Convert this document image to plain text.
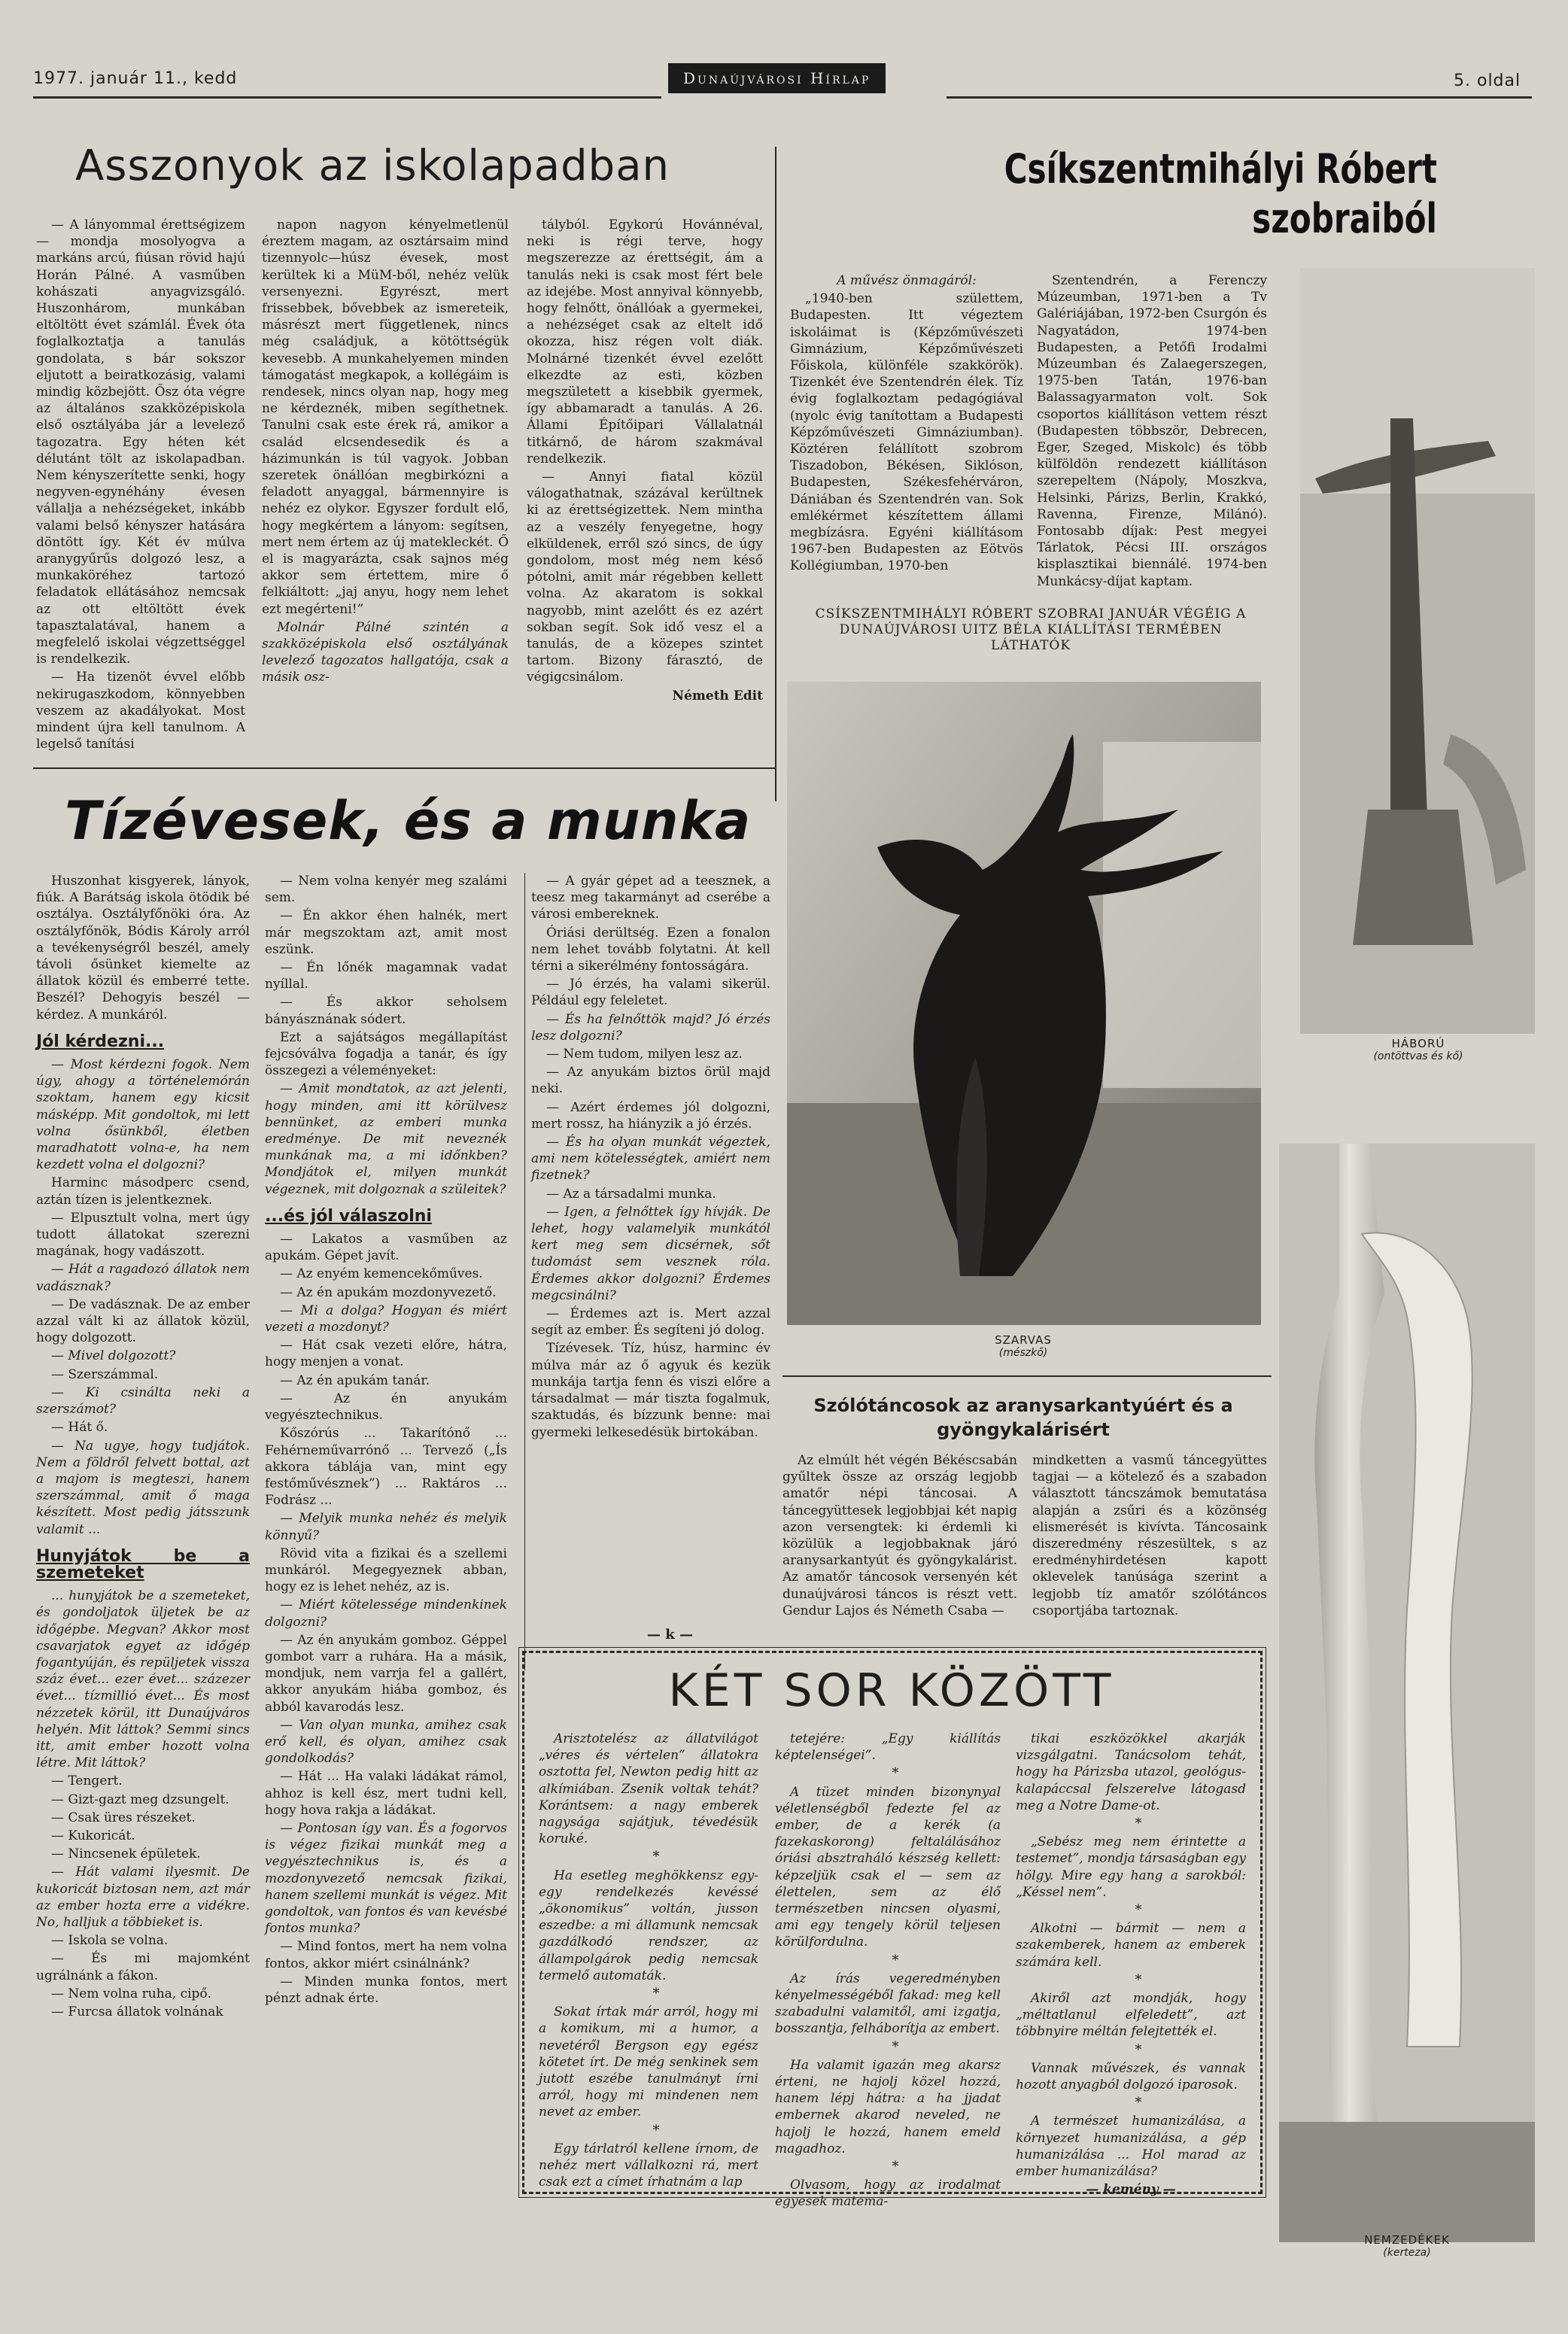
1977. január 11., kedd	Dunaújvárosi Hírlap	5. oldal
Asszonyok az iskolapadban

— A lányommal érettségizem — mondja mosolyogva a markáns arcú, fiúsan rövid hajú Horán Pálné. A vasműben kohászati anyagvizsgáló. Huszonhárom, munkában eltöltött évet számlál. Évek óta foglalkoztatja a tanulás gondolata, s bár sokszor eljutott a beiratkozásig, valami mindig közbejött. Ősz óta végre az általános szakközépiskola első osztályába jár a levelező tagozatra. Egy héten két délutánt tölt az iskolapadban. Nem kényszerítette senki, hogy negyven-egynéhány évesen vállalja a nehézségeket, inkább valami belső kényszer hatására döntött így. Két év múlva aranygyűrűs dolgozó lesz, a munkaköréhez tartozó feladatok ellátásához nemcsak az ott eltöltött évek tapasztalatával, hanem a megfelelő iskolai végzettséggel is rendelkezik.

— Ha tizenöt évvel előbb nekirugaszkodom, könnyebben veszem az akadályokat. Most mindent újra kell tanulnom. A legelső tanítási

napon nagyon kényelmetlenül éreztem magam, az osztársaim mind tizennyolc—húsz évesek, most kerültek ki a MüM-ből, nehéz velük versenyezni. Egyrészt, mert frissebbek, bővebbek az ismereteik, másrészt mert függetlenek, nincs még családjuk, a kötöttségük kevesebb. A munkahelyemen minden támogatást megkapok, a kollégáim is rendesek, nincs olyan nap, hogy meg ne kérdeznék, miben segíthetnek. Tanulni csak este érek rá, amikor a család elcsendesedik és a házimunkán is túl vagyok. Jobban szeretek önállóan megbirkózni a feladott anyaggal, bármennyire is nehéz ez olykor. Egyszer fordult elő, hogy megkértem a lányom: segítsen, mert nem értem az új matekleckét. Ő el is magyarázta, csak sajnos még akkor sem értettem, mire ő felkiáltott: „jaj anyu, hogy nem lehet ezt megérteni!”

Molnár Pálné szintén a szakközépiskola első osztályának levelező tagozatos hallgatója, csak a másik osz-

tályból. Egykorú Hovánnéval, neki is régi terve, hogy megszerezze az érettségit, ám a tanulás neki is csak most fért bele az idejébe. Most annyival könnyebb, hogy felnőtt, önállóak a gyermekei, a nehézséget csak az eltelt idő okozza, hisz régen volt diák. Molnárné tizenkét évvel ezelőtt elkezdte az esti, közben megszületett a kisebbik gyermek, így abbamaradt a tanulás. A 26. Állami Építőipari Vállalatnál titkárnő, de három szakmával rendelkezik.

— Annyi fiatal közül válogathatnak, százával kerültnek ki az érettségizettek. Nem mintha az a veszély fenyegetne, hogy elküldenek, erről szó sincs, de úgy gondolom, most még nem késő pótolni, amit már régebben kellett volna. Az akaratom is sokkal nagyobb, mint azelőtt és ez azért sokban segít. Sok idő vesz el a tanulás, de a közepes szintet tartom. Bizony fárasztó, de végigcsinálom.

Németh Edit

Csíkszentmihályi Róbert szobraiból

A művész önmagáról:

„1940-ben születtem, Budapesten. Itt végeztem iskoláimat is (Képzőművészeti Gimnázium, Képzőművészeti Főiskola, különféle szakkörök). Tizenkét éve Szentendrén élek. Tíz évig foglalkoztam pedagógiával (nyolc évig tanítottam a Budapesti Képzőművészeti Gimnáziumban). Köztéren felállított szobrom Tiszadobon, Békésen, Siklóson, Budapesten, Székesfehérváron, Dániában és Szentendrén van. Sok emlékérmet készítettem állami megbízásra. Egyéni kiállításom 1967-ben Budapesten az Eötvös Kollégiumban, 1970-ben

Szentendrén, a Ferenczy Múzeumban, 1971-ben a Tv Galériájában, 1972-ben Csurgón és Nagyatádon, 1974-ben Budapesten, a Petőfi Irodalmi Múzeumban és Zalaegerszegen, 1975-ben Tatán, 1976-ban Balassagyarmaton volt. Sok csoportos kiállításon vettem részt (Budapesten többször, Debrecen, Eger, Szeged, Miskolc) és több külföldön rendezett kiállításon szerepeltem (Nápoly, Moszkva, Helsinki, Párizs, Berlin, Krakkó, Ravenna, Firenze, Milánó). Fontosabb díjak: Pest megyei Tárlatok, Pécsi III. országos kisplasztikai biennálé. 1974-ben Munkácsy-díjat kaptam.

CSÍKSZENTMIHÁLYI RÓBERT SZOBRAI JANUÁR VÉGÉIG A DUNAÚJVÁROSI UITZ BÉLA KIÁLLÍTÁSI TERMÉBEN LÁTHATÓK
SZARVAS
(mészkő)
HÁBORÚ
(ontöttvas és kő)
NEMZEDÉKEK
(kerteza)
Tízévesek, és a munka

Huszonhat kisgyerek, lányok, fiúk. A Barátság iskola ötödik bé osztálya. Osztályfőnöki óra. Az osztályfőnök, Bódis Károly arról a tevékenységről beszél, amely távoli ősünket kiemelte az állatok közül és emberré tette. Beszél? Dehogyis beszél — kérdez. A munkáról.

Jól kérdezni...

— Most kérdezni fogok. Nem úgy, ahogy a történelemórán szoktam, hanem egy kicsit másképp. Mit gondoltok, mi lett volna ősünkből, életben maradhatott volna-e, ha nem kezdett volna el dolgozni?

Harminc másodperc csend, aztán tízen is jelentkeznek.

— Elpusztult volna, mert úgy tudott állatokat szerezni magának, hogy vadászott.

— Hát a ragadozó állatok nem vadásznak?

— De vadásznak. De az ember azzal vált ki az állatok közül, hogy dolgozott.

— Mivel dolgozott?

— Szerszámmal.

— Ki csinálta neki a szerszámot?

— Hát ő.

— Na ugye, hogy tudjátok. Nem a földről felvett bottal, azt a majom is megteszi, hanem szerszámmal, amit ő maga készített. Most pedig játsszunk valamit ...

Hunyjátok be a szemeteket

... hunyjátok be a szemeteket, és gondoljatok üljetek be az időgépbe. Megvan? Akkor most csavarjatok egyet az időgép fogantyúján, és repüljetek vissza száz évet... ezer évet... százezer évet... tízmillió évet... És most nézzetek körül, itt Dunaújváros helyén. Mit láttok? Semmi sincs itt, amit ember hozott volna létre. Mit láttok?

— Tengert.

— Gizt-gazt meg dzsungelt.

— Csak üres részeket.

— Kukoricát.

— Nincsenek épületek.

— Hát valami ilyesmit. De kukoricát biztosan nem, azt már az ember hozta erre a vidékre. No, halljuk a többieket is.

— Iskola se volna.

— És mi majomként ugrálnánk a fákon.

— Nem volna ruha, cipő.

— Furcsa állatok volnának

— Nem volna kenyér meg szalámi sem.

— Én akkor éhen halnék, mert már megszoktam azt, amit most eszünk.

— Én lőnék magamnak vadat nyíllal.

— És akkor seholsem bányásznának sódert.

Ezt a sajátságos megállapítást fejcsóválva fogadja a tanár, és így összegezi a véleményeket:

— Amit mondtatok, az azt jelenti, hogy minden, ami itt körülvesz bennünket, az emberi munka eredménye. De mit neveznék munkának ma, a mi időnkben? Mondjátok el, milyen munkát végeznek, mit dolgoznak a szüleitek?

...és jól válaszolni

— Lakatos a vasműben az apukám. Gépet javít.

— Az enyém kemencekőműves.

— Az én apukám mozdonyvezető.

— Mi a dolga? Hogyan és miért vezeti a mozdonyt?

— Hát csak vezeti előre, hátra, hogy menjen a vonat.

— Az én apukám tanár.

— Az én anyukám vegyésztechnikus.

Kőszórús ... Takarítónő ... Fehérneművarrónő ... Tervező („Ís akkora táblája van, mint egy festőművésznek”) ... Raktáros ... Fodrász ...

— Melyik munka nehéz és melyik könnyű?

Rövid vita a fizikai és a szellemi munkáról. Megegyeznek abban, hogy ez is lehet nehéz, az is.

— Miért kötelessége mindenkinek dolgozni?

— Az én anyukám gomboz. Géppel gombot varr a ruhára. Ha a másik, mondjuk, nem varrja fel a gallért, akkor anyukám hiába gomboz, és abból kavarodás lesz.

— Van olyan munka, amihez csak erő kell, és olyan, amihez csak gondolkodás?

— Hát ... Ha valaki ládákat rámol, ahhoz is kell ész, mert tudni kell, hogy hova rakja a ládákat.

— Pontosan így van. És a fogorvos is végez fizikai munkát meg a vegyésztechnikus is, és a mozdonyvezető nemcsak fizikai, hanem szellemi munkát is végez. Mit gondoltok, van fontos és van kevésbé fontos munka?

— Mind fontos, mert ha nem volna fontos, akkor miért csinálnánk?

— Minden munka fontos, mert pénzt adnak érte.

— A gyár gépet ad a teesznek, a teesz meg takarmányt ad cserébe a városi embereknek.

Óriási derültség. Ezen a fonalon nem lehet tovább folytatni. Át kell térni a sikerélmény fontosságára.

— Jó érzés, ha valami sikerül. Például egy feleletet.

— És ha felnőttök majd? Jó érzés lesz dolgozni?

— Nem tudom, milyen lesz az.

— Az anyukám biztos örül majd neki.

— Azért érdemes jól dolgozni, mert rossz, ha hiányzik a jó érzés.

— És ha olyan munkát végeztek, ami nem kötelességtek, amiért nem fizetnek?

— Az a társadalmi munka.

— Igen, a felnőttek így hívják. De lehet, hogy valamelyik munkától kert meg sem dicsérnek, sőt tudomást sem vesznek róla. Érdemes akkor dolgozni? Érdemes megcsinálni?

— Érdemes azt is. Mert azzal segít az ember. És segíteni jó dolog.

Tízévesek. Tíz, húsz, harminc év múlva már az ő agyuk és kezük munkája tartja fenn és viszi előre a társadalmat — már tiszta fogalmuk, szaktudás, és bízzunk benne: mai gyermeki lelkesedésük birtokában.

— k —
Szólótáncosok az aranysarkantyúért és a gyöngykalárisért

Az elmúlt hét végén Békéscsabán gyűltek össze az ország legjobb amatőr népi táncosai. A táncegyüttesek legjobbjai két napig azon versengtek: ki érdemli ki közülük a legjobbaknak járó aranysarkantyút és gyöngykalárist. Az amatőr táncosok versenyén két dunaújvárosi táncos is részt vett. Gendur Lajos és Németh Csaba —

mindketten a vasmű táncegyüttes tagjai — a kötelező és a szabadon választott táncszámok bemutatása alapján a zsűri és a közönség elismerését is kivívta. Táncosaink diszeredmény részesültek, s az eredményhirdetésen kapott oklevelek tanúsága szerint a legjobb tíz amatőr szólótáncos csoportjába tartoznak.

KÉT SOR KÖZÖTT

Arisztotelész az állatvilágot „véres és vértelen” állatokra osztotta fel, Newton pedig hitt az alkímiában. Zsenik voltak tehát? Korántsem: a nagy emberek nagysága sajátjuk, tévedésük koruké.

*

Ha esetleg meghökkensz egy-egy rendelkezés kevéssé „ökonomikus” voltán, jusson eszedbe: a mi államunk nemcsak gazdálkodó rendszer, az állampolgárok pedig nemcsak termelő automaták.

*

Sokat írtak már arról, hogy mi a komikum, mi a humor, a nevetéről Bergson egy egész kötetet írt. De még senkinek sem jutott eszébe tanulmányt írni arról, hogy mi mindenen nem nevet az ember.

*

Egy tárlatról kellene írnom, de nehéz mert vállalkozni rá, mert csak ezt a címet írhatnám a lap

tetejére: „Egy kiállítás képtelenségei”.

*

A tüzet minden bizonynyal véletlenségből fedezte fel az ember, de a kerék (a fazekaskorong) feltalálásához óriási absztraháló készség kellett: képzeljük csak el — sem az élettelen, sem az élő természetben nincsen olyasmi, ami egy tengely körül teljesen körülfordulna.

*

Az írás vegeredményben kényelmességéből fakad: meg kell szabadulni valamitől, ami izgatja, bosszantja, felháborítja az embert.

*

Ha valamit igazán meg akarsz érteni, ne hajolj közel hozzá, hanem lépj hátra: a ha jjadat embernek akarod neveled, ne hajolj le hozzá, hanem emeld magadhoz.

*

Olvasom, hogy az irodalmat egyesek matema-

tikai eszközökkel akarják vizsgálgatni. Tanácsolom tehát, hogy ha Párizsba utazol, geológus-kalapáccsal felszerelve látogasd meg a Notre Dame-ot.

*

„Sebész meg nem érintette a testemet”, mondja társaságban egy hölgy. Mire egy hang a sarokból: „Késsel nem”.

*

Alkotni — bármit — nem a szakemberek, hanem az emberek számára kell.

*

Akiről azt mondják, hogy „méltatlanul elfeledett”, azt többnyire méltán felejtették el.

*

Vannak művészek, és vannak hozott anyagból dolgozó iparosok.

*

A természet humanizálása, a környezet humanizálása, a gép humanizálása ... Hol marad az ember humanizálása?

— kemény —
